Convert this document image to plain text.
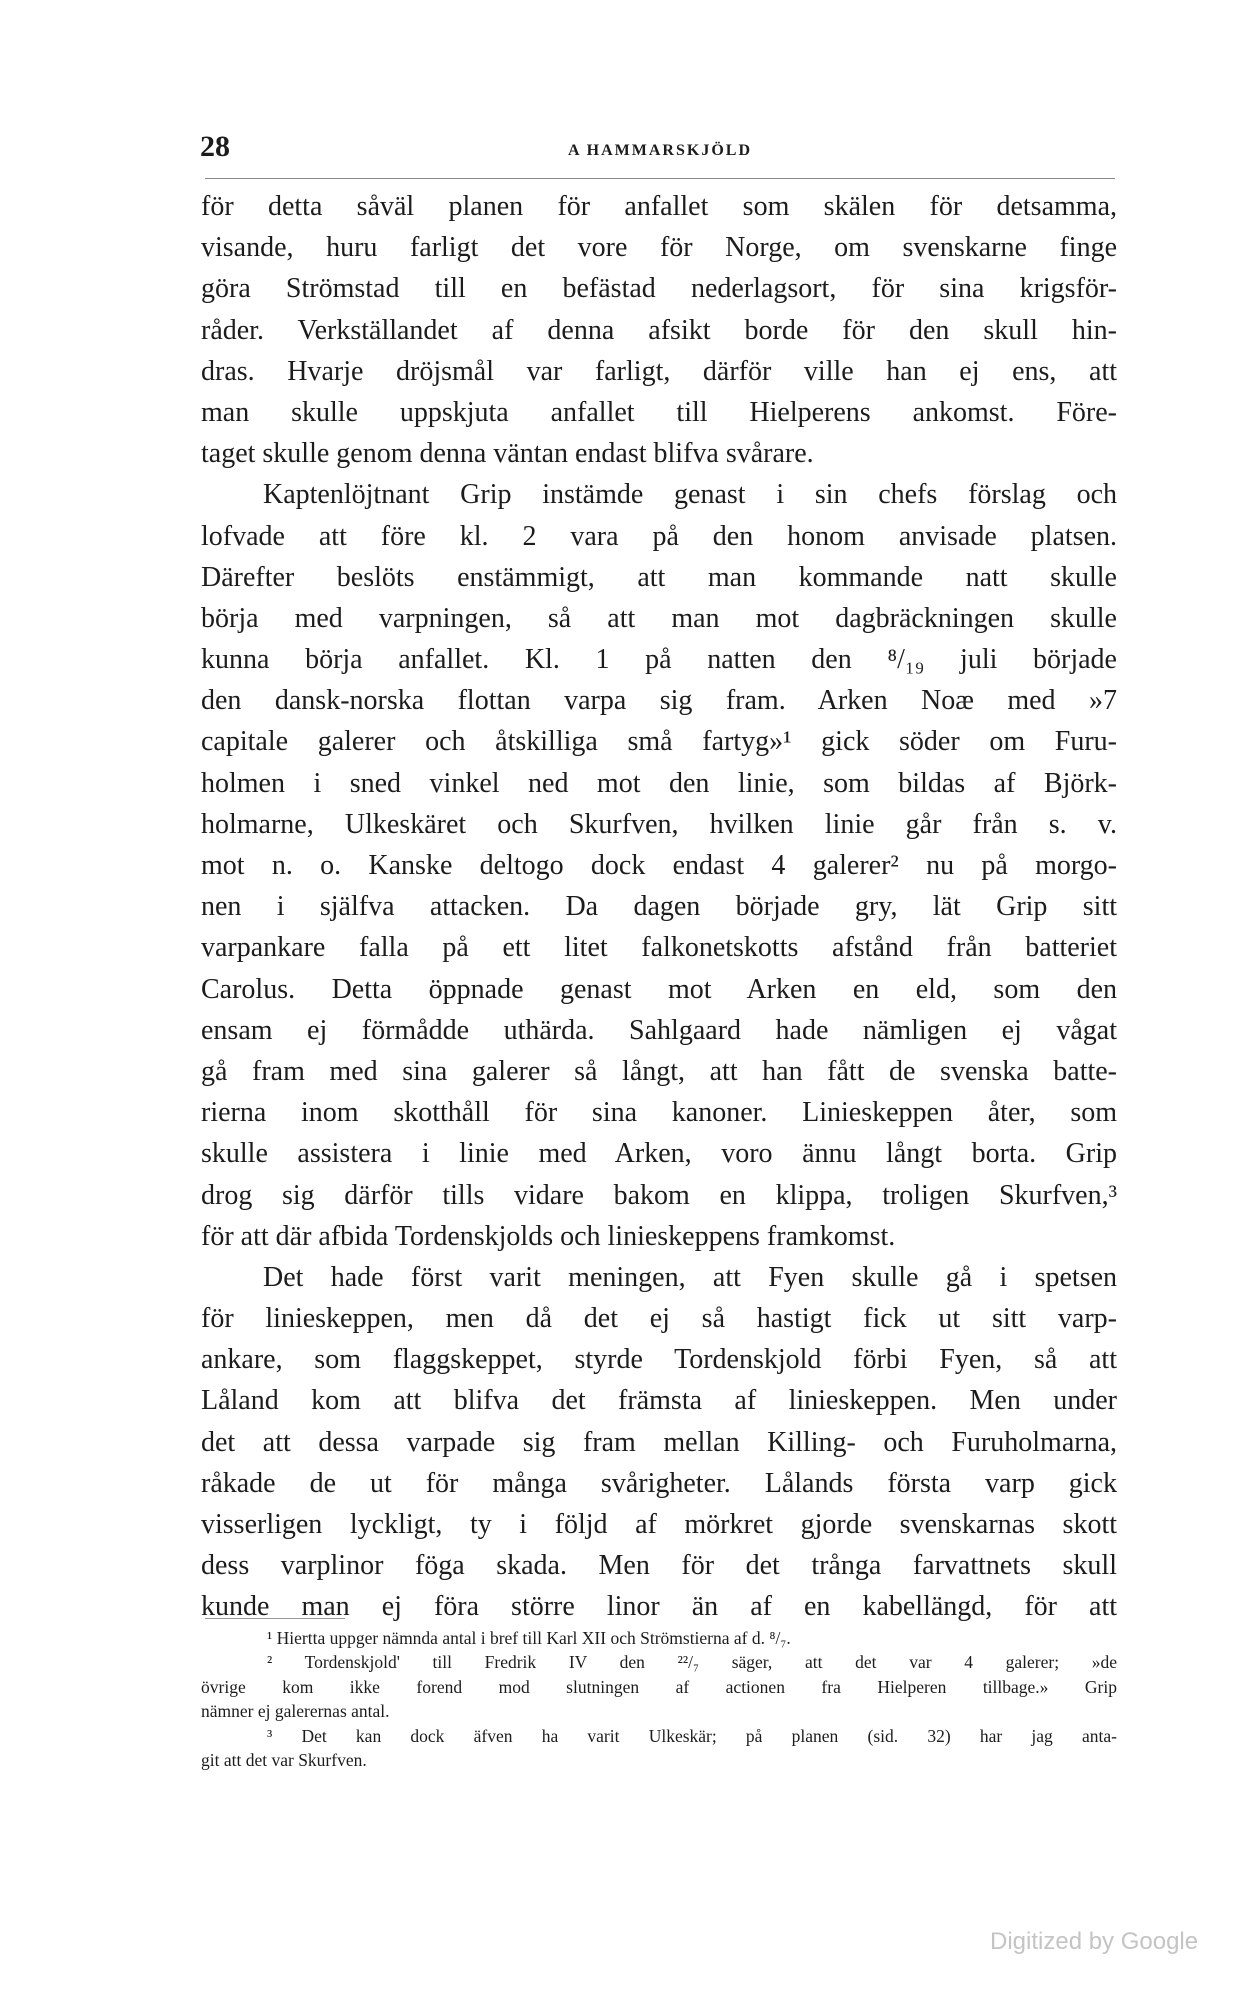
28	A HAMMARSKJÖLD
för detta såväl planen för anfallet som skälen för detsamma,
visande, huru farligt det vore för Norge, om svenskarne finge
göra Strömstad till en befästad nederlagsort, för sina krigsför-
råder. Verkställandet af denna afsikt borde för den skull hin-
dras. Hvarje dröjsmål var farligt, därför ville han ej ens, att
man skulle uppskjuta anfallet till Hielperens ankomst. Före-
taget skulle genom denna väntan endast blifva svårare.
Kaptenlöjtnant Grip instämde genast i sin chefs förslag och
lofvade att före kl. 2 vara på den honom anvisade platsen.
Därefter beslöts enstämmigt, att man kommande natt skulle
börja med varpningen, så att man mot dagbräckningen skulle
kunna börja anfallet. Kl. 1 på natten den ⁸/₁₉ juli började
den dansk-norska flottan varpa sig fram. Arken Noæ med »7
capitale galerer och åtskilliga små fartyg»¹ gick söder om Furu-
holmen i sned vinkel ned mot den linie, som bildas af Björk-
holmarne, Ulkeskäret och Skurfven, hvilken linie går från s. v.
mot n. o. Kanske deltogo dock endast 4 galerer² nu på morgo-
nen i själfva attacken. Da dagen började gry, lät Grip sitt
varpankare falla på ett litet falkonetskotts afstånd från batteriet
Carolus. Detta öppnade genast mot Arken en eld, som den
ensam ej förmådde uthärda. Sahlgaard hade nämligen ej vågat
gå fram med sina galerer så långt, att han fått de svenska batte-
rierna inom skotthåll för sina kanoner. Linieskeppen åter, som
skulle assistera i linie med Arken, voro ännu långt borta. Grip
drog sig därför tills vidare bakom en klippa, troligen Skurfven,³
för att där afbida Tordenskjolds och linieskeppens framkomst.
Det hade först varit meningen, att Fyen skulle gå i spetsen
för linieskeppen, men då det ej så hastigt fick ut sitt varp-
ankare, som flaggskeppet, styrde Tordenskjold förbi Fyen, så att
Låland kom att blifva det främsta af linieskeppen. Men under
det att dessa varpade sig fram mellan Killing- och Furuholmarna,
råkade de ut för många svårigheter. Lålands första varp gick
visserligen lyckligt, ty i följd af mörkret gjorde svenskarnas skott
dess varplinor föga skada. Men för det trånga farvattnets skull
kunde man ej föra större linor än af en kabellängd, för att
¹ Hiertta uppger nämnda antal i bref till Karl XII och Strömstierna af d. ⁸/₇.
² Tordenskjold' till Fredrik IV den ²²/₇ säger, att det var 4 galerer; »de
övrige kom ikke forend mod slutningen af actionen fra Hielperen tillbage.» Grip
nämner ej galerernas antal.
³ Det kan dock äfven ha varit Ulkeskär; på planen (sid. 32) har jag anta-
git att det var Skurfven.
Digitized by Google
